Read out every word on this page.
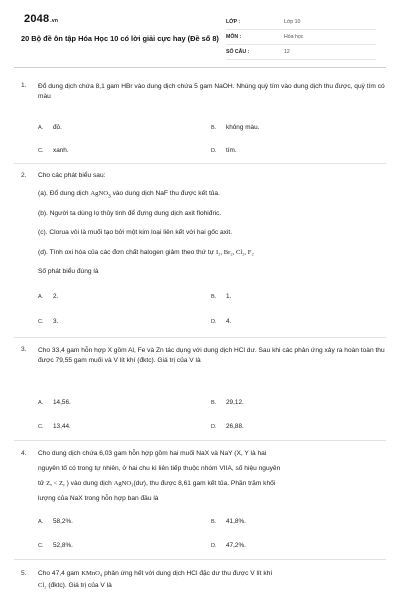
2048.vn
20 Bộ đề ôn tập Hóa Học 10 có lời giải cực hay (Đề số 8)
LỚP :	Lớp 10
MÔN :	Hóa học
SỐ CÂU :	12
1. Đổ dung dịch chứa 8,1 gam HBr vào dung dịch chứa 5 gam NaOH. Nhúng quỳ tím vào dung dịch thu được, quỳ tím có màu
A. đỏ.	B. không màu.
C. xanh.	D. tím.
2. Cho các phát biểu sau:
(a). Đổ dung dịch AgNO$_3$ vào dung dịch NaF thu được kết tủa.
(b). Người ta dùng lọ thủy tinh để đựng dung dịch axit flohiđric.
(c). Clorua vôi là muối tạo bởi một kim loại liên kết với hai gốc axit.
(d). Tính oxi hóa của các đơn chất halogen giảm theo thứ tự I₂, Br₂, Cl₂, F₂
Số phát biểu đúng là
A. 2.	B. 1.
C. 3.	D. 4.
3. Cho 33,4 gam hỗn hợp X gồm Al, Fe và Zn tác dụng với dung dịch HCl dư. Sau khi các phản ứng xảy ra hoàn toàn thu được 79,55 gam muối và V lít khí (đktc). Giá trị của V là
A. 14,56.	B. 29,12.
C. 13,44.	D. 26,88.
4. Cho dung dịch chứa 6,03 gam hỗn hợp gồm hai muối NaX và NaY (X, Y là hai
nguyên tố có trong tự nhiên, ở hai chu kì liên tiếp thuộc nhóm VIIA, số hiệu nguyên
tử Zₓ < Zᵧ ) vào dung dịch AgNO₃(dư), thu được 8,61 gam kết tủa. Phần trăm khối
lượng của NaX trong hỗn hợp ban đầu là
A. 58,2%.	B. 41,8%.
C. 52,8%.	D. 47,2%.
5. Cho 47,4 gam KMnO₄ phản ứng hết với dung dịch HCl đặc dư thu được V lít khí
Cl₂ (đktc). Giá trị của V là
